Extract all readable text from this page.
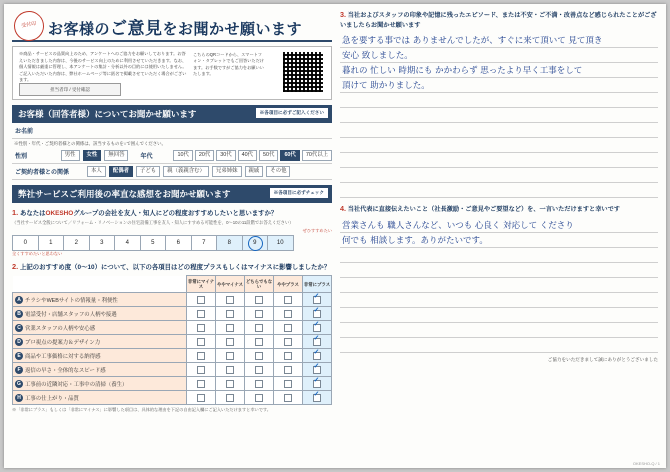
受付印 お客様のご意見をお聞かせ願います
※商品・サービスの品質向上のため、アンケートへのご協力をお願いしております。お答えいただきました内容は、今後のサービス向上のために利用させていただきます。なお、個人情報は厳重に管理し、本アンケートの集計・分析以外の目的には使用いたしません。ご記入いただいた内容は、弊社ホームページ等に匿名で掲載させていただく場合がございます。
担当者印 / 受付確認
こちらのQRコードから、スマートフォン・タブレットでもご回答いただけます。お手数ですがご協力をお願いいたします。
お客様（回答者様）についてお聞かせ願います	※各項目に必ずご記入ください
お名前
※性別・年代・ご契約者様との関係は、該当するものを○で囲んでください。
性別	男性	女性	無回答	年代	10代	20代	30代	40代	50代	60代	70代以上
ご契約者様との関係	本人	配偶者	子ども	親（義親含む）	兄弟姉妹	親戚	その他
弊社サービスご利用後の率直な感想をお聞かせ願います	※各項目に必ずチェック
1. あなたはOKESHOグループの会社を友人・知人にどの程度おすすめしたいと思いますか？
（当社サービス全般について／リフォーム・リノベーションの住宅設備工事を友人・知人にすすめる可能性を、0〜10の11段階でお答えください）
ぜひすすめたい
0	1	2	3	4	5	6	7	8	9	10
全くすすめたいと思わない
2. 上記のおすすめ度（0〜10）について、以下の各項目はどの程度プラスもしくはマイナスに影響しましたか？
	非常にマイナス	ややマイナス	どちらでもない	ややプラス	非常にプラス

A チラシやWEBサイトの情報量・利便性					✓

B 電話受付・店舗スタッフの人柄や接遇					✓

C 営業スタッフの人柄や安心感					✓

D プロ視点の提案力＆デザイン力					✓

E 商品や工事価格に対する納得感					✓

F 返信の早さ・全体的なスピード感					✓

G 工事前の近隣対応・工事中の清掃（養生）					✓

H 工事の仕上がり・品質					✓
※「非常にプラス」もしくは「非常にマイナス」に影響した項目は、具体的な理由を下記の自由記入欄にご記入いただけますと幸いです。
3. 当社およびスタッフの印象や記憶に残ったエピソード、または不安・ご不満・改善点など感じられたことがございましたらお聞かせ願います
急を要する事では ありませんでしたが、すぐに来て頂いて 見て頂き
安心 致しました。
暮れの 忙しい 時期にも かかわらず 思ったより早く工事をして
頂けて 助かりました。
4. 当社代表に直接伝えたいこと（社長激励・ご意見やご要望など）を、一言いただけますと幸いです
営業さんも 職人さんなど、いつも 心良く 対応して くださり
何でも 相談します。ありがたいです。
ご協力をいただきまして誠にありがとうございました
OKESHO-Q / 1
